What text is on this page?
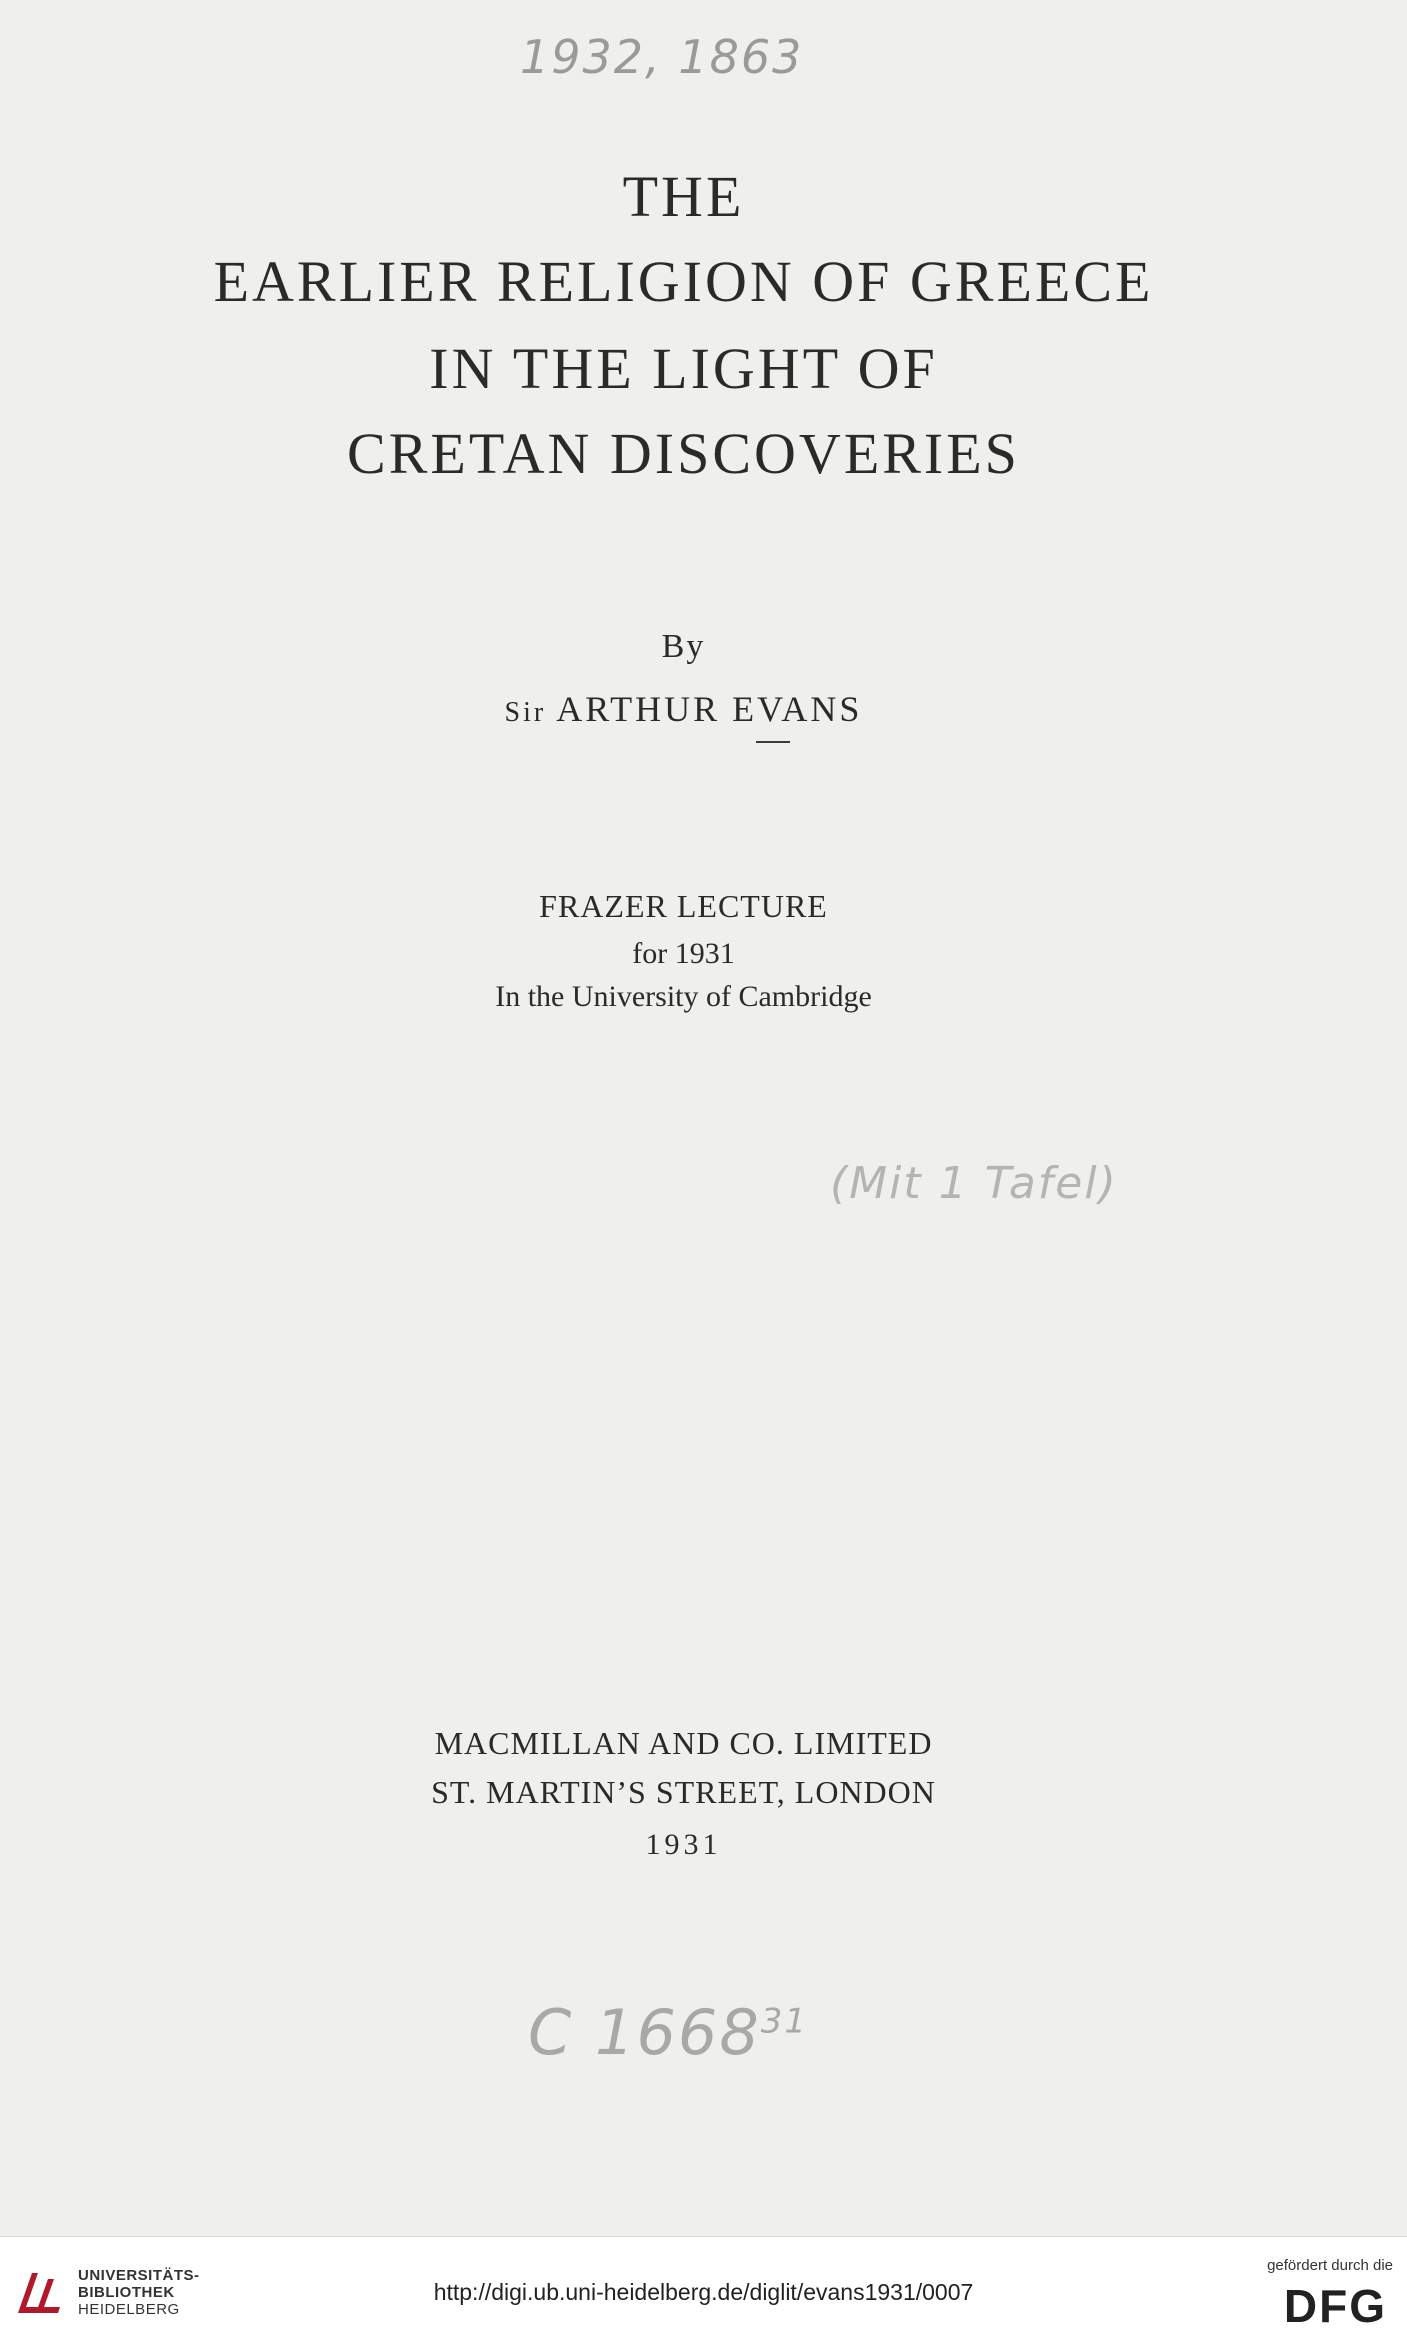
1932, 1863
THE
EARLIER RELIGION OF GREECE
IN THE LIGHT OF
CRETAN DISCOVERIES
By
Sir ARTHUR EVANS
FRAZER LECTURE
for 1931
In the University of Cambridge
(Mit 1 Tafel)
MACMILLAN AND CO. LIMITED
ST. MARTIN’S STREET, LONDON
1931
C 1668$^{31}$
UNIVERSITÄTS-
BIBLIOTHEK
HEIDELBERG
http://digi.ub.uni-heidelberg.de/diglit/evans1931/0007
gefördert durch die
DFG
